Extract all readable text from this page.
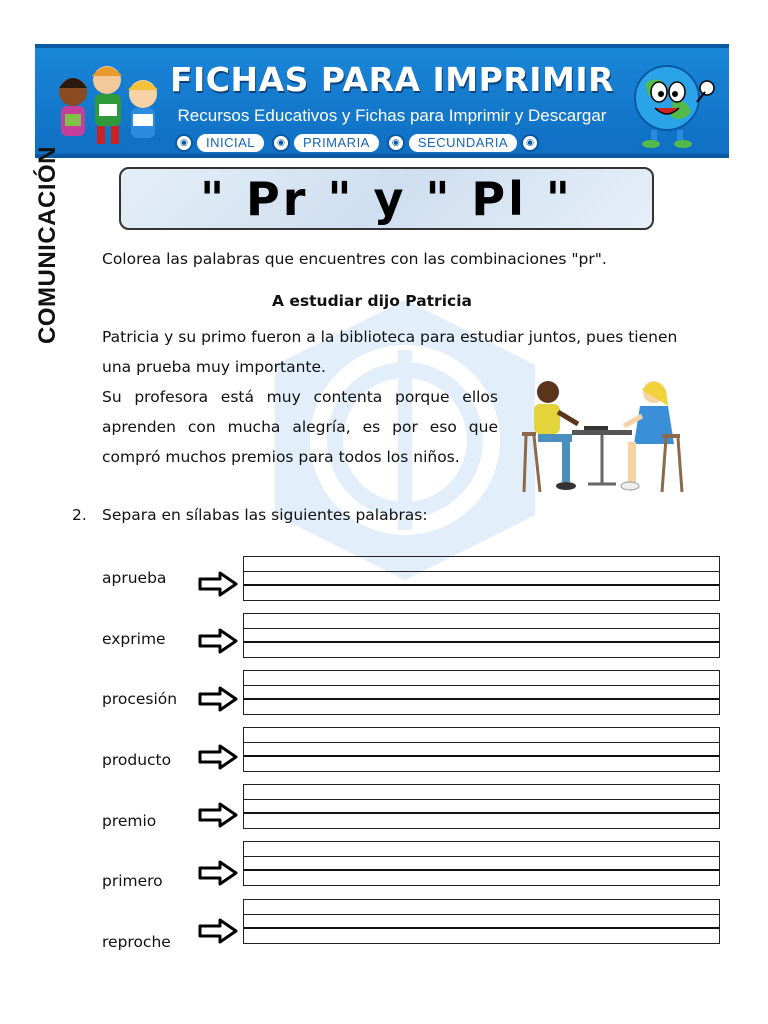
FICHAS PARA IMPRIMIR
Recursos Educativos y Fichas para Imprimir y Descargar
◉	INICIAL	◉	PRIMARIA	◉	SECUNDARIA	◉
COMUNICACIÓN	" Pr " y " Pl "
Colorea las palabras que encuentres con las combinaciones "pr".
A estudiar dijo Patricia
Patricia y su primo fueron a la biblioteca para estudiar juntos, pues tienen
una prueba muy importante.
Su profesora está muy contenta porque ellos
aprenden con mucha alegría, es por eso que
compró muchos premios para todos los niños.
2. Separa en sílabas las siguientes palabras:
aprueba
exprime
procesión
producto
premio
primero
reproche
